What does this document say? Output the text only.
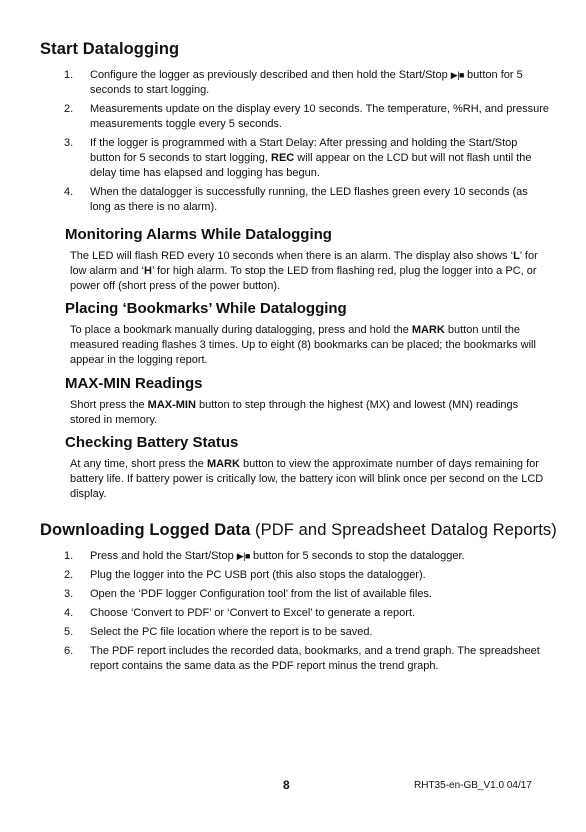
Start Datalogging
1. Configure the logger as previously described and then hold the Start/Stop ▶|■ button for 5 seconds to start logging.
2. Measurements update on the display every 10 seconds. The temperature, %RH, and pressure measurements toggle every 5 seconds.
3. If the logger is programmed with a Start Delay: After pressing and holding the Start/Stop button for 5 seconds to start logging, REC will appear on the LCD but will not flash until the delay time has elapsed and logging has begun.
4. When the datalogger is successfully running, the LED flashes green every 10 seconds (as long as there is no alarm).
Monitoring Alarms While Datalogging

The LED will flash RED every 10 seconds when there is an alarm. The display also shows ‘L’ for low alarm and ‘H’ for high alarm. To stop the LED from flashing red, plug the logger into a PC, or power off (short press of the power button).

Placing ‘Bookmarks’ While Datalogging

To place a bookmark manually during datalogging, press and hold the MARK button until the measured reading flashes 3 times. Up to eight (8) bookmarks can be placed; the bookmarks will appear in the logging report.

MAX-MIN Readings

Short press the MAX-MIN button to step through the highest (MX) and lowest (MN) readings stored in memory.

Checking Battery Status

At any time, short press the MARK button to view the approximate number of days remaining for battery life. If battery power is critically low, the battery icon will blink once per second on the LCD display.

Downloading Logged Data (PDF and Spreadsheet Datalog Reports)
1. Press and hold the Start/Stop ▶|■ button for 5 seconds to stop the datalogger.
2. Plug the logger into the PC USB port (this also stops the datalogger).
3. Open the ‘PDF logger Configuration tool’ from the list of available files.
4. Choose ‘Convert to PDF’ or ‘Convert to Excel’ to generate a report.
5. Select the PC file location where the report is to be saved.
6. The PDF report includes the recorded data, bookmarks, and a trend graph. The spreadsheet report contains the same data as the PDF report minus the trend graph.
8	RHT35-en-GB_V1.0 04/17
